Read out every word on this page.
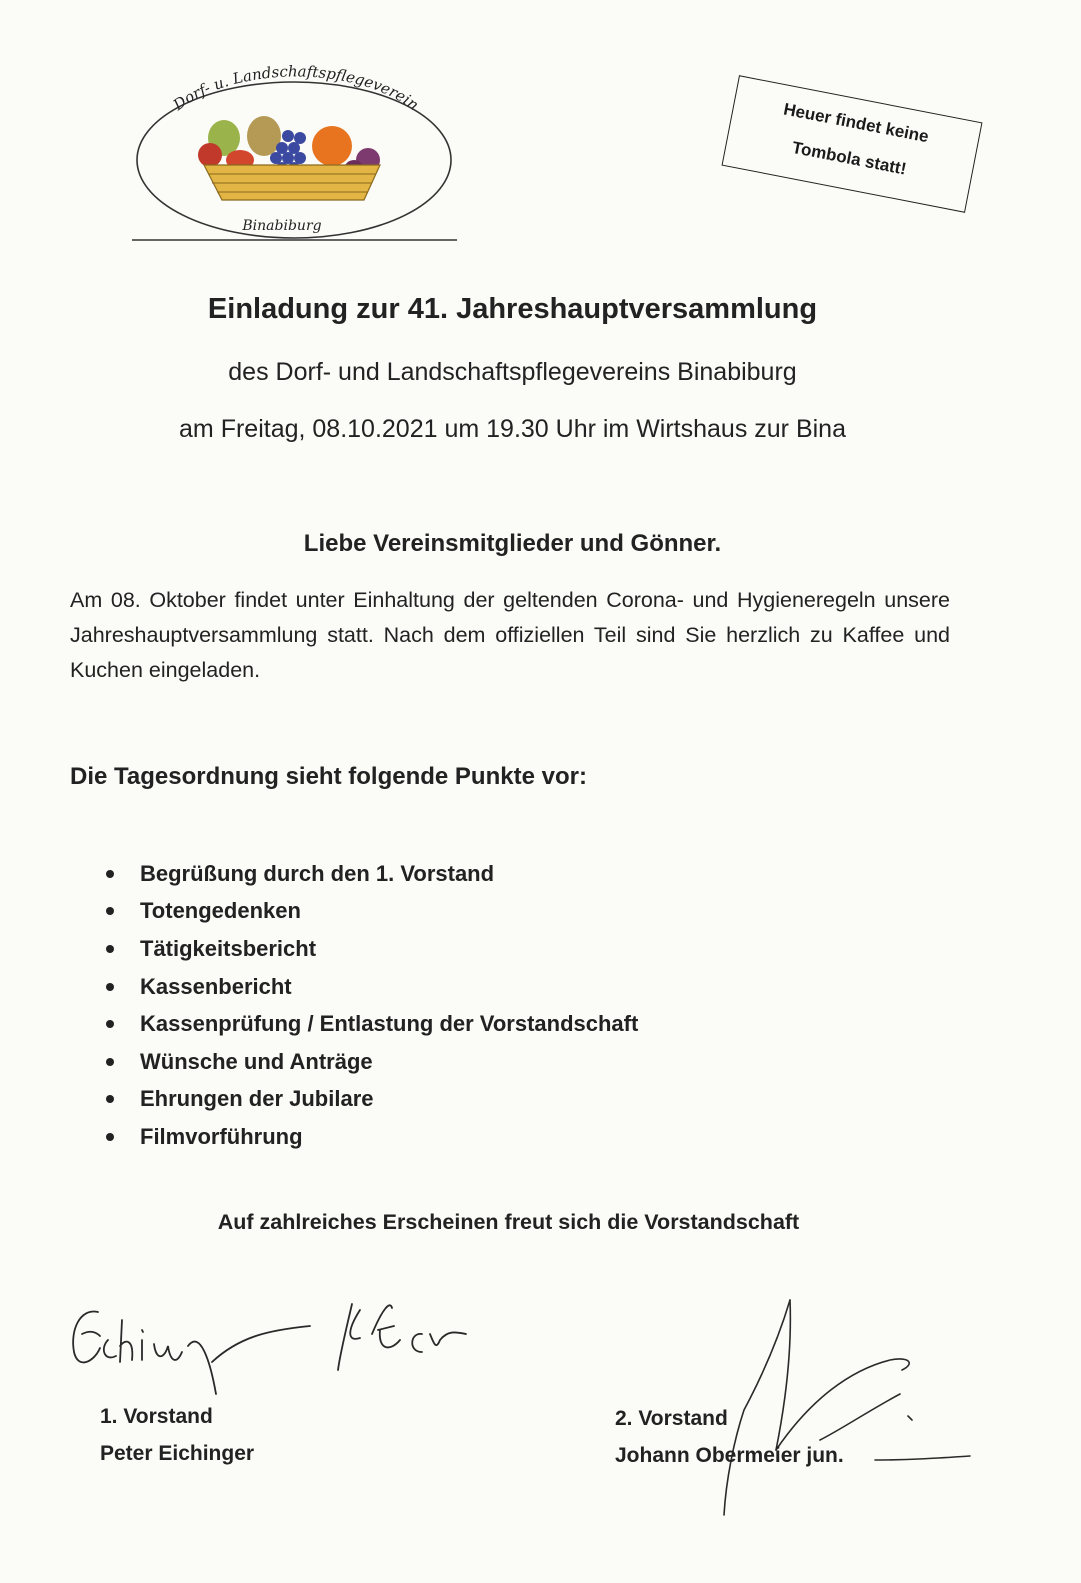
Dorf- u. Landschaftspflegeverein
Binabiburg
Heuer findet keine
Tombola statt!
Einladung zur 41. Jahreshauptversammlung

des Dorf- und Landschaftspflegevereins Binabiburg

am Freitag, 08.10.2021 um 19.30 Uhr im Wirtshaus zur Bina

Liebe Vereinsmitglieder und Gönner.

Am 08. Oktober findet unter Einhaltung der geltenden Corona- und Hygieneregeln unsere Jahreshauptversammlung statt. Nach dem offiziellen Teil sind Sie herzlich zu Kaffee und Kuchen eingeladen.

Die Tagesordnung sieht folgende Punkte vor:

Begrüßung durch den 1. Vorstand
Totengedenken
Tätigkeitsbericht
Kassenbericht
Kassenprüfung / Entlastung der Vorstandschaft
Wünsche und Anträge
Ehrungen der Jubilare
Filmvorführung

Auf zahlreiches Erscheinen freut sich die Vorstandschaft

1. Vorstand
Peter Eichinger
2. Vorstand
Johann Obermeier jun.
